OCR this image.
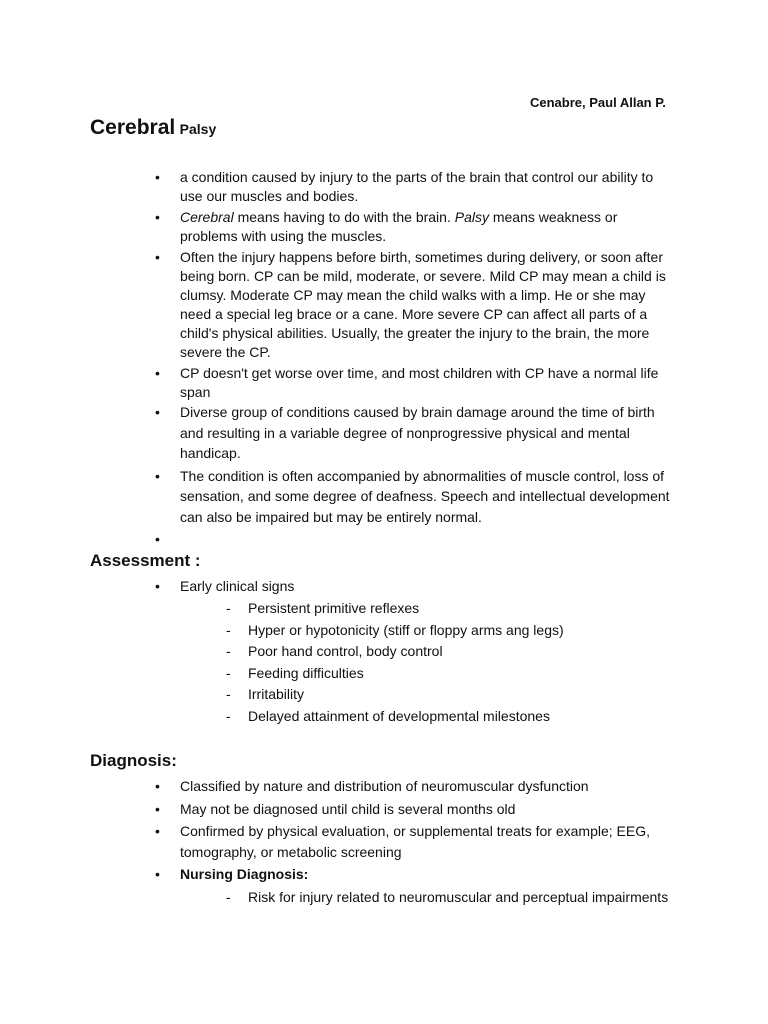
Cenabre, Paul Allan P.
Cerebral Palsy
• a condition caused by injury to the parts of the brain that control our ability to use our muscles and bodies.
• Cerebral means having to do with the brain. Palsy means weakness or problems with using the muscles.
• Often the injury happens before birth, sometimes during delivery, or soon after being born. CP can be mild, moderate, or severe. Mild CP may mean a child is clumsy. Moderate CP may mean the child walks with a limp. He or she may need a special leg brace or a cane. More severe CP can affect all parts of a child's physical abilities. Usually, the greater the injury to the brain, the more severe the CP.
• CP doesn't get worse over time, and most children with CP have a normal life span
• Diverse group of conditions caused by brain damage around the time of birth and resulting in a variable degree of nonprogressive physical and mental handicap.
• The condition is often accompanied by abnormalities of muscle control, loss of sensation, and some degree of deafness. Speech and intellectual development can also be impaired but may be entirely normal.
•
Assessment :
• Early clinical signs
- Persistent primitive reflexes
- Hyper or hypotonicity (stiff or floppy arms ang legs)
- Poor hand control, body control
- Feeding difficulties
- Irritability
- Delayed attainment of developmental milestones
Diagnosis:
• Classified by nature and distribution of neuromuscular dysfunction
• May not be diagnosed until child is several months old
• Confirmed by physical evaluation, or supplemental treats for example; EEG, tomography, or metabolic screening
• Nursing Diagnosis:
- Risk for injury related to neuromuscular and perceptual impairments
